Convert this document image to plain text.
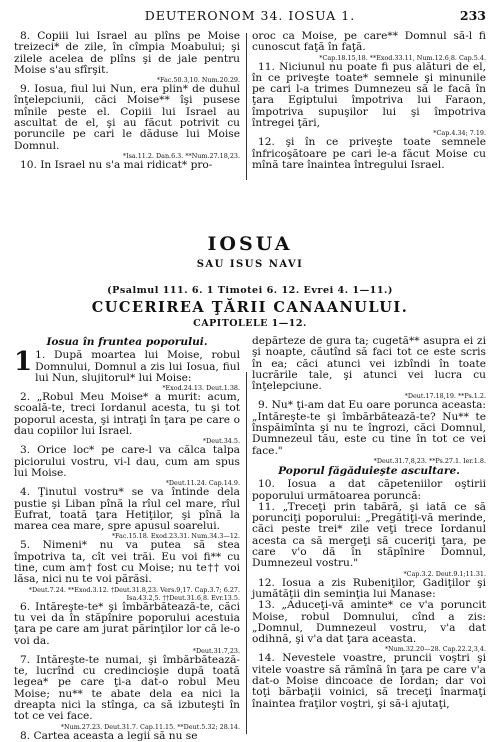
DEUTERONOM 34. IOSUA 1.	233

8. Copiii lui Israel au plîns pe Moise treizeci* de zile, în cîmpia Moabului; şi zilele acelea de plîns şi de jale pentru Moise s'au sfîrşit.

*Fac.50.3,10. Num.20.29.

9. Iosua, fiul lui Nun, era plin* de duhul înţelepciunii, căci Moise** îşi pusese mînile peste el. Copiii lui Israel au ascultat de el, şi au făcut potrivit cu poruncile pe cari le dăduse lui Moise Domnul.

*Isa.11.2. Dan.6.3. **Num.27.18,23.

10. In Israel nu s'a mai ridicat* pro-

oroc ca Moise, pe care** Domnul să-l fi cunoscut faţă în faţă.

*Cap.18.15,18. **Exod.33.11, Num.12.6,8. Cap.5.4.

11. Niciunul nu poate fi pus alături de el, în ce priveşte toate* semnele şi minunile pe cari l-a trimes Dumnezeu să le facă în ţara Egiptului împotriva lui Faraon, împotriva supuşilor lui şi împotriva întregei ţări,

*Cap.4.34; 7.19.

12. şi în ce priveşte toate semnele înfricoşătoare pe cari le-a făcut Moise cu mînă tare înaintea întregului Israel.

IOSUA
SAU ISUS NAVI
(Psalmul 111. 6. 1 Timotei 6. 12. Evrei 4. 1—11.)
CUCERIREA ŢĂRII CANAANULUI.
CAPITOLELE 1—12.

Iosua în fruntea poporului.

1 1. După moartea lui Moise, robul Domnului, Domnul a zis lui Iosua, fiul lui Nun, slujitorul* lui Moise:

*Exod.24.13. Deut.1.38.

2. „Robul Meu Moise* a murit: acum, scoală-te, treci Iordanul acesta, tu şi tot poporul acesta, şi intraţi în ţara pe care o dau copiilor lui Israel.

*Deut.34.5.

3. Orice loc* pe care-l va călca talpa piciorului vostru, vi-l dau, cum am spus lui Moise.

*Deut.11.24. Cap.14.9.

4. Ţinutul vostru* se va întinde dela pustie şi Liban pînă la rîul cel mare, rîul Eufrat, toată ţara Hetiţilor, şi pînă la marea cea mare, spre apusul soarelui.

*Fac.15.18. Exod.23.31. Num.34.3—12.

5. Nimeni* nu va putea să stea împotriva ta, cît vei trăi. Eu voi fi** cu tine, cum am† fost cu Moise; nu te†† voi lăsa, nici nu te voi părăsi.

*Deut.7.24. **Exod.3.12. †Deut.31.8,23. Vers.9,17. Cap.3.7; 6.27. Isa.43.2,5. ††Deut.31.6,8. Evr.13.5.

6. Intăreşte-te* şi îmbărbătează-te, căci tu vei da în stăpînire poporului acestuia ţara pe care am jurat părinţilor lor că le-o voi da.

*Deut.31.7,23.

7. Intăreşte-te numai, şi îmbărbătează-te, lucrînd cu credincioşie după toată legea* pe care ţi-a dat-o robul Meu Moise; nu** te abate dela ea nici la dreapta nici la stînga, ca să izbuteşti în tot ce vei face.

*Num.27.23. Deut.31.7. Cap.11.15. **Deut.5.32; 28.14.

8. Cartea aceasta a legii să nu se

depărteze de gura ta; cugetă** asupra ei zi şi noapte, căutînd să faci tot ce este scris în ea; căci atunci vei izbîndi în toate lucrările tale, şi atunci vei lucra cu înţelepciune.

*Deut.17.18,19. **Ps.1.2.

9. Nu* ţi-am dat Eu oare porunca aceasta: „Intăreşte-te şi îmbărbătează-te? Nu** te înspăimînta şi nu te îngrozi, căci Domnul, Dumnezeul tău, este cu tine în tot ce vei face."

*Deut.31.7,8,23. **Ps.27.1. Ier.1.8.

Poporul făgăduieşte ascultare.

10. Iosua a dat căpeteniilor oştirii poporului următoarea poruncă:

11. „Treceţi prin tabără, şi iată ce să porunciţi poporului: „Pregătiţi-vă merinde, căci peste trei* zile veţi trece Iordanul acesta ca să mergeţi să cuceriţi ţara, pe care v'o dă în stăpînire Domnul, Dumnezeul vostru."

*Cap.3.2. Deut.9.1;11.31.

12. Iosua a zis Rubeniţilor, Gadiţilor şi jumătăţii din seminţia lui Manase:

13. „Aduceţi-vă aminte* ce v'a poruncit Moise, robul Domnului, cînd a zis: „Domnul, Dumnezeul vostru, v'a dat odihnă, şi v'a dat ţara aceasta.

*Num.32.20—28. Cap.22.2,3,4.

14. Nevestele voastre, pruncii voştri şi vitele voastre să rămînă în ţara pe care v'a dat-o Moise dincoace de Iordan; dar voi toţi bărbaţii voinici, să treceţi înarmaţi înaintea fraţilor voştri, şi să-i ajutaţi,
